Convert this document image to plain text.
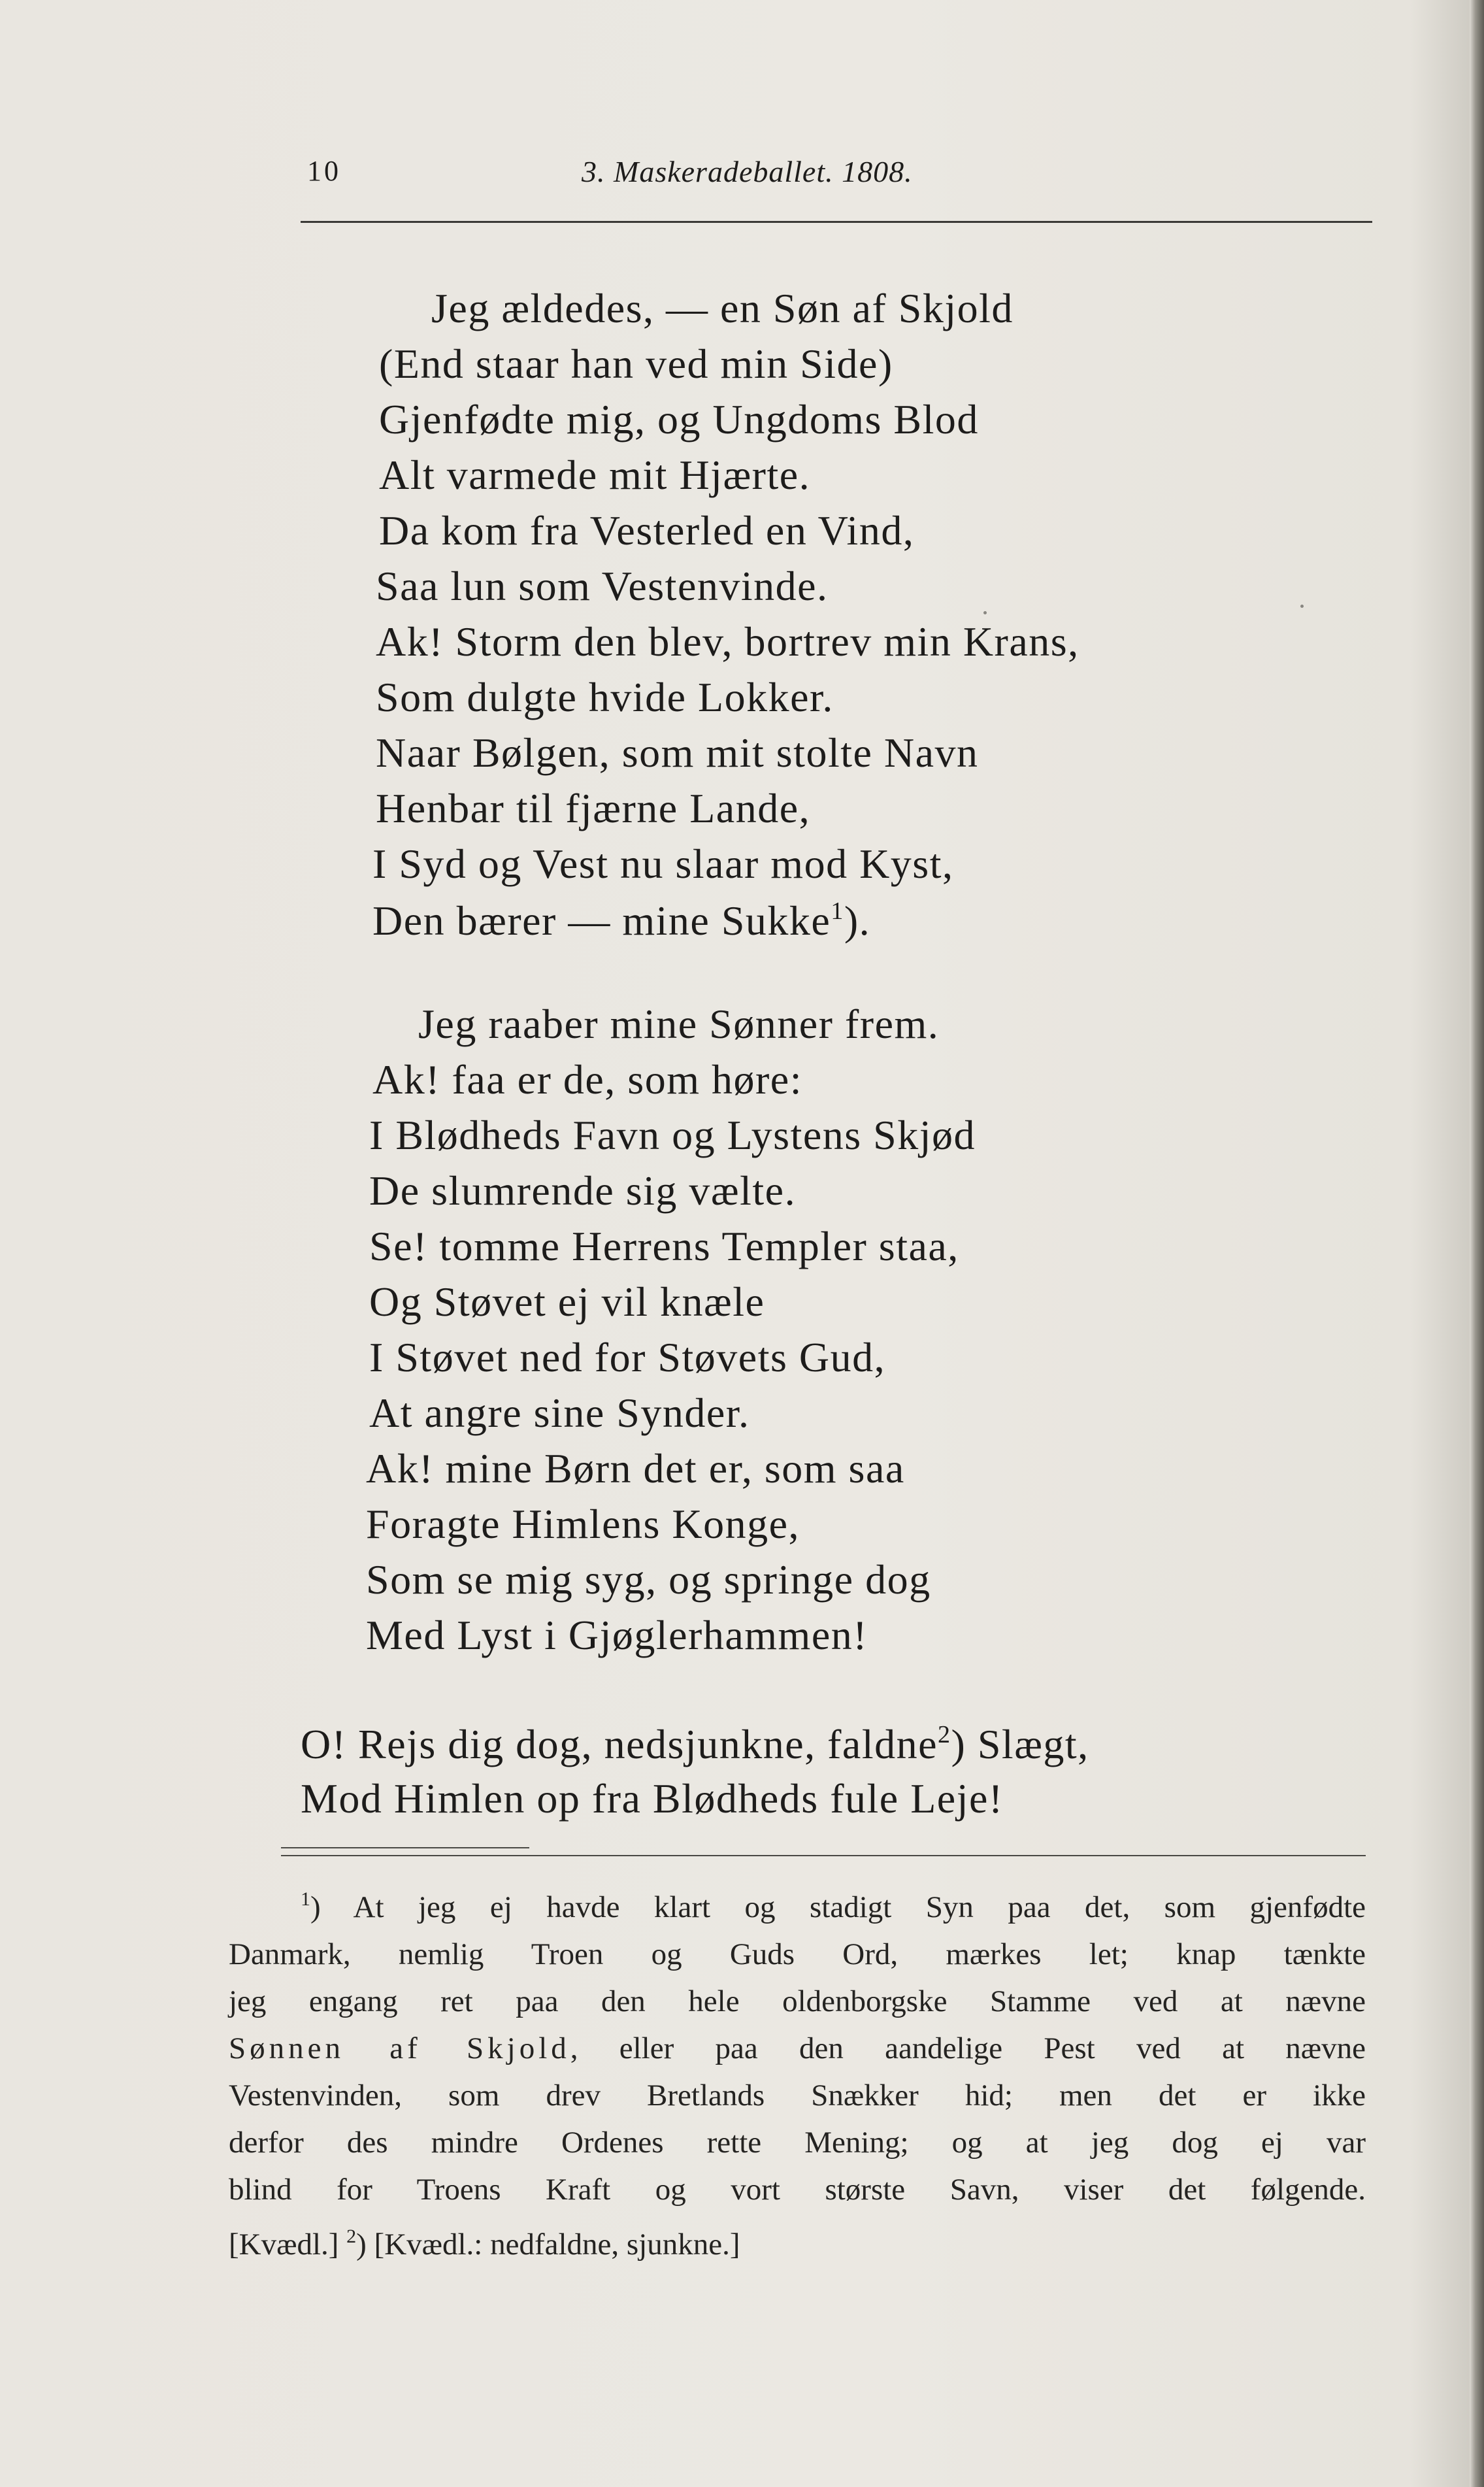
10	3. Maskeradeballet. 1808.
Jeg ældedes, — en Søn af Skjold
(End staar han ved min Side)
Gjenfødte mig, og Ungdoms Blod
Alt varmede mit Hjærte.
Da kom fra Vesterled en Vind,
Saa lun som Vestenvinde.
Ak! Storm den blev, bortrev min Krans,
Som dulgte hvide Lokker.
Naar Bølgen, som mit stolte Navn
Henbar til fjærne Lande,
I Syd og Vest nu slaar mod Kyst,
Den bærer — mine Sukke$^1$).
Jeg raaber mine Sønner frem.
Ak! faa er de, som høre:
I Blødheds Favn og Lystens Skjød
De slumrende sig vælte.
Se! tomme Herrens Templer staa,
Og Støvet ej vil knæle
I Støvet ned for Støvets Gud,
At angre sine Synder.
Ak! mine Børn det er, som saa
Foragte Himlens Konge,
Som se mig syg, og springe dog
Med Lyst i Gjøglerhammen!
O! Rejs dig dog, nedsjunkne, faldne$^2$) Slægt,
Mod Himlen op fra Blødheds fule Leje!
$^1$) At jeg ej havde klart og stadigt Syn paa det, som gjenfødte
Danmark, nemlig Troen og Guds Ord, mærkes let; knap tænkte
jeg engang ret paa den hele oldenborgske Stamme ved at nævne
Sønnen af Skjold, eller paa den aandelige Pest ved at nævne
Vestenvinden, som drev Bretlands Snækker hid; men det er ikke
derfor des mindre Ordenes rette Mening; og at jeg dog ej var
blind for Troens Kraft og vort største Savn, viser det følgende.
[Kvædl.] $^2$) [Kvædl.: nedfaldne, sjunkne.]
